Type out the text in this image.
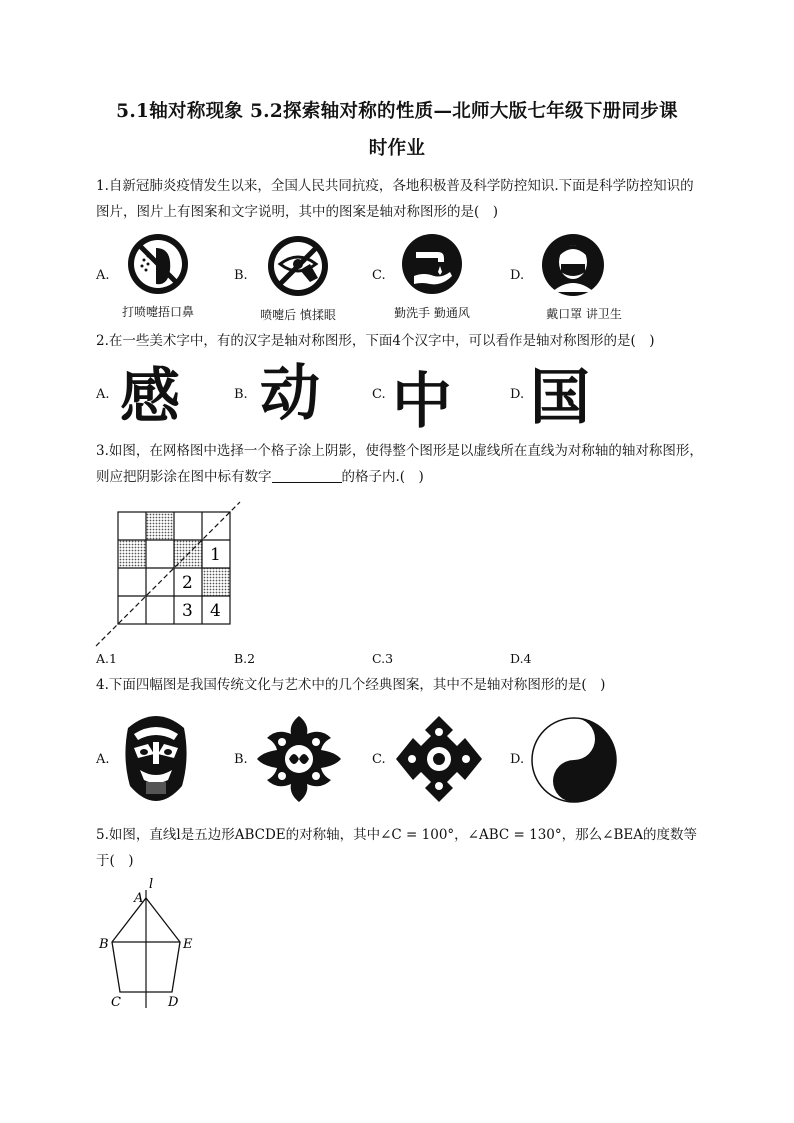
5.1轴对称现象 5.2探索轴对称的性质—北师大版七年级下册同步课
时作业
1.自新冠肺炎疫情发生以来，全国人民共同抗疫，各地积极普及科学防控知识.下面是科学防控知识的图片，图片上有图案和文字说明，其中的图案是轴对称图形的是(　)
A.
打喷嚏捂口鼻
B.
喷嚏后 慎揉眼
C.
勤洗手 勤通风
D.
戴口罩 讲卫生
2.在一些美术字中，有的汉字是轴对称图形，下面4个汉字中，可以看作是轴对称图形的是(　)
A. 感	B. 动	C. 中	D. 国
3.如图，在网格图中选择一个格子涂上阴影，使得整个图形是以虚线所在直线为对称轴的轴对称图形，则应把阴影涂在图中标有数字	的格子内.(　)
1
2
3 4
A.1	B.2	C.3	D.4
4.下面四幅图是我国传统文化与艺术中的几个经典图案，其中不是轴对称图形的是(　)
A.	B.	C.	D.
5.如图，直线l是五边形ABCDE的对称轴，其中∠C = 100°，∠ABC = 130°，那么∠BEA的度数等于(　)
l
A
B	E
C	D
